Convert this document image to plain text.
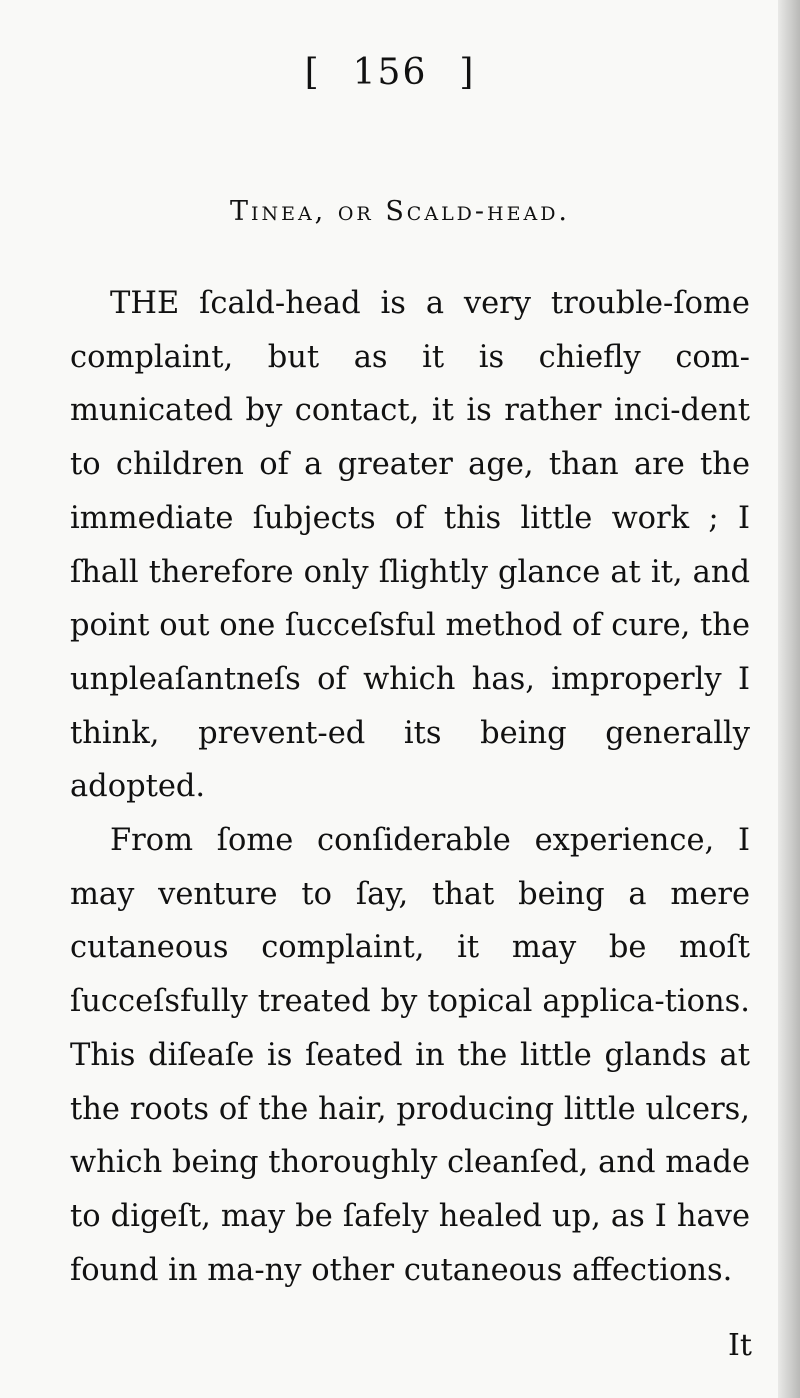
[ 156 ]
Tinea, or Scald-head.

THE ſcald-head is a very trouble-ſome complaint, but as it is chiefly com-municated by contact, it is rather inci-dent to children of a greater age, than are the immediate ſubjects of this little work ; I ſhall therefore only ſlightly glance at it, and point out one ſucceſsful method of cure, the unpleaſantneſs of which has, improperly I think, prevent-ed its being generally adopted.

From ſome conſiderable experience, I may venture to ſay, that being a mere cutaneous complaint, it may be moſt ſucceſsfully treated by topical applica-tions. This diſeaſe is ſeated in the little glands at the roots of the hair, producing little ulcers, which being thoroughly cleanſed, and made to digeſt, may be ſafely healed up, as I have found in ma-ny other cutaneous affections.

It
